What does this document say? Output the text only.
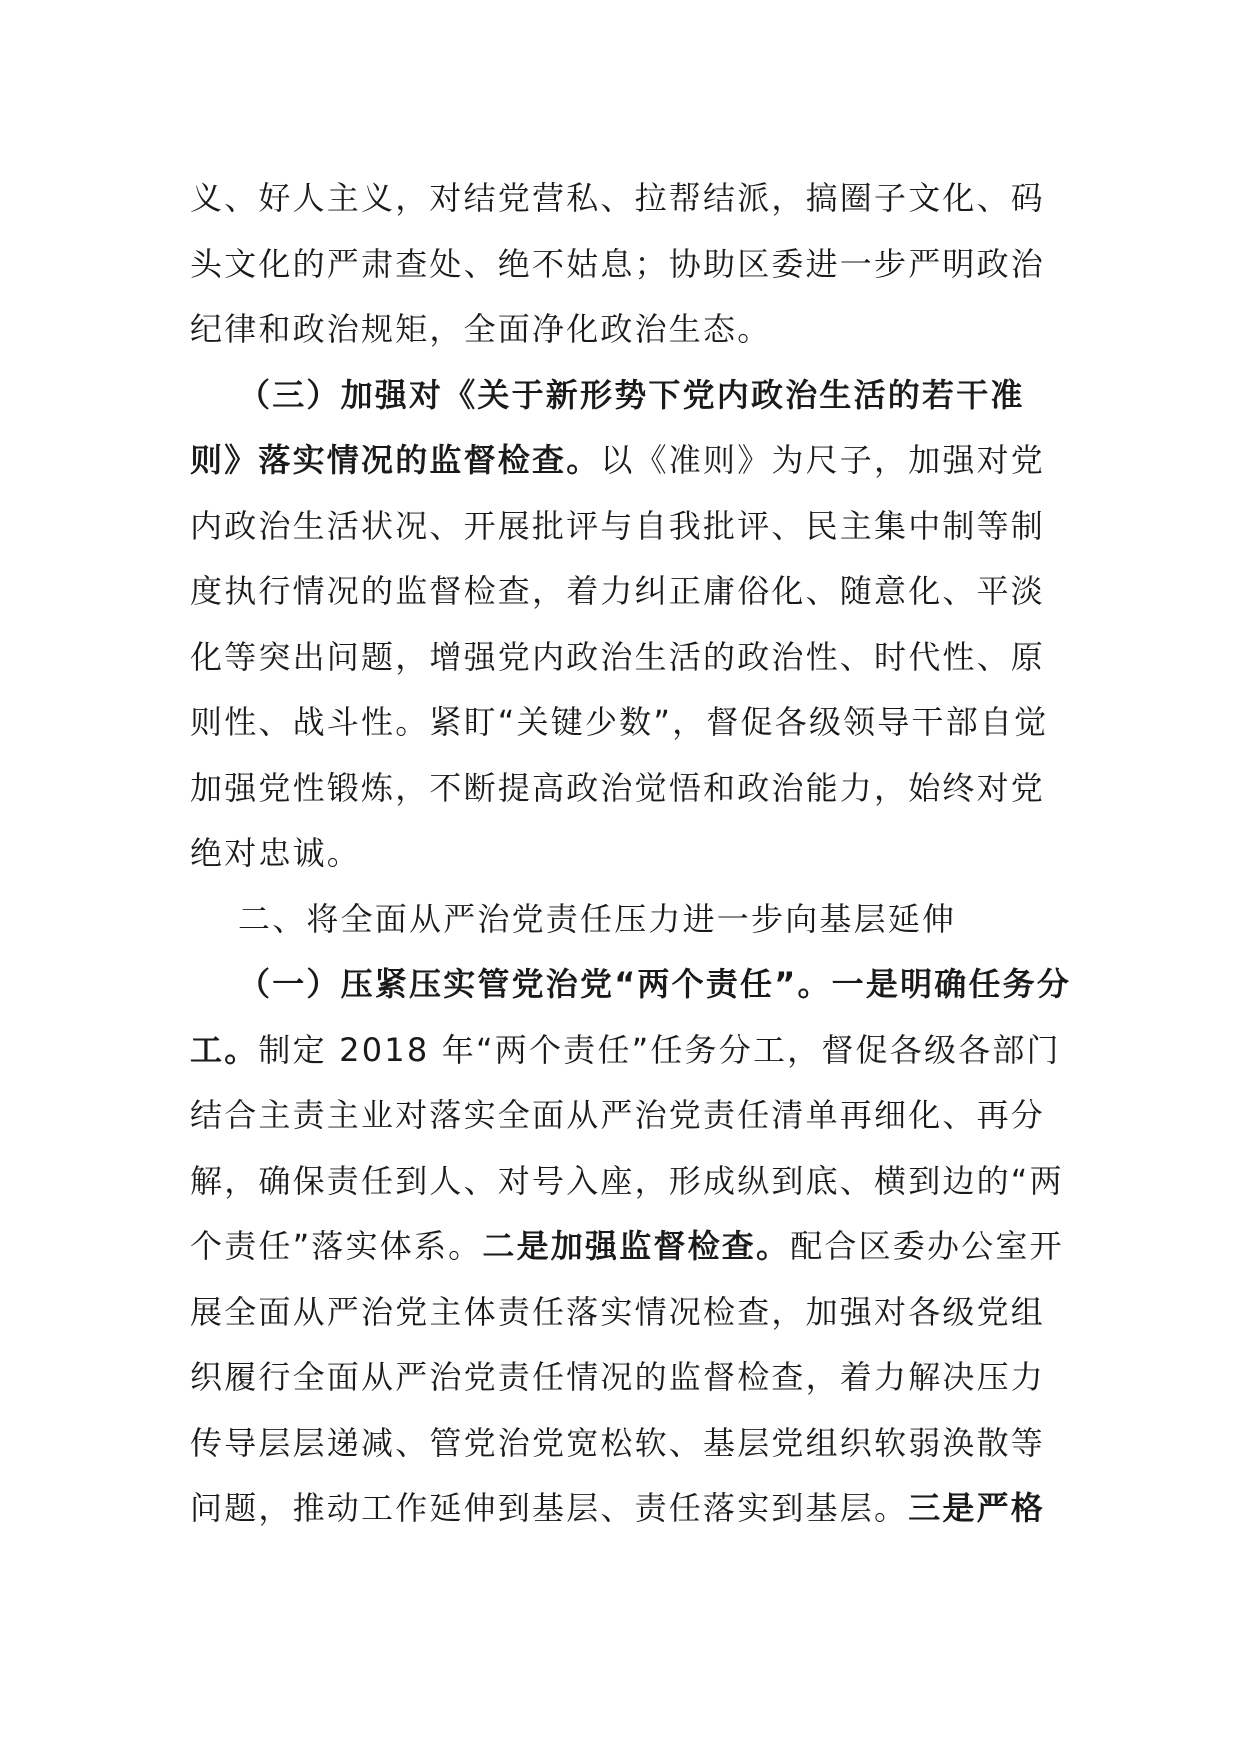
义、好人主义，对结党营私、拉帮结派，搞圈子文化、码
头文化的严肃查处、绝不姑息；协助区委进一步严明政治
纪律和政治规矩，全面净化政治生态。
（三）加强对《关于新形势下党内政治生活的若干准
则》落实情况的监督检查。以《准则》为尺子，加强对党
内政治生活状况、开展批评与自我批评、民主集中制等制
度执行情况的监督检查，着力纠正庸俗化、随意化、平淡
化等突出问题，增强党内政治生活的政治性、时代性、原
则性、战斗性。紧盯“关键少数”，督促各级领导干部自觉
加强党性锻炼，不断提高政治觉悟和政治能力，始终对党
绝对忠诚。
二、将全面从严治党责任压力进一步向基层延伸
（一）压紧压实管党治党“两个责任”。一是明确任务分
工。制定 2018 年“两个责任”任务分工，督促各级各部门
结合主责主业对落实全面从严治党责任清单再细化、再分
解，确保责任到人、对号入座，形成纵到底、横到边的“两
个责任”落实体系。二是加强监督检查。配合区委办公室开
展全面从严治党主体责任落实情况检查，加强对各级党组
织履行全面从严治党责任情况的监督检查，着力解决压力
传导层层递减、管党治党宽松软、基层党组织软弱涣散等
问题，推动工作延伸到基层、责任落实到基层。三是严格
